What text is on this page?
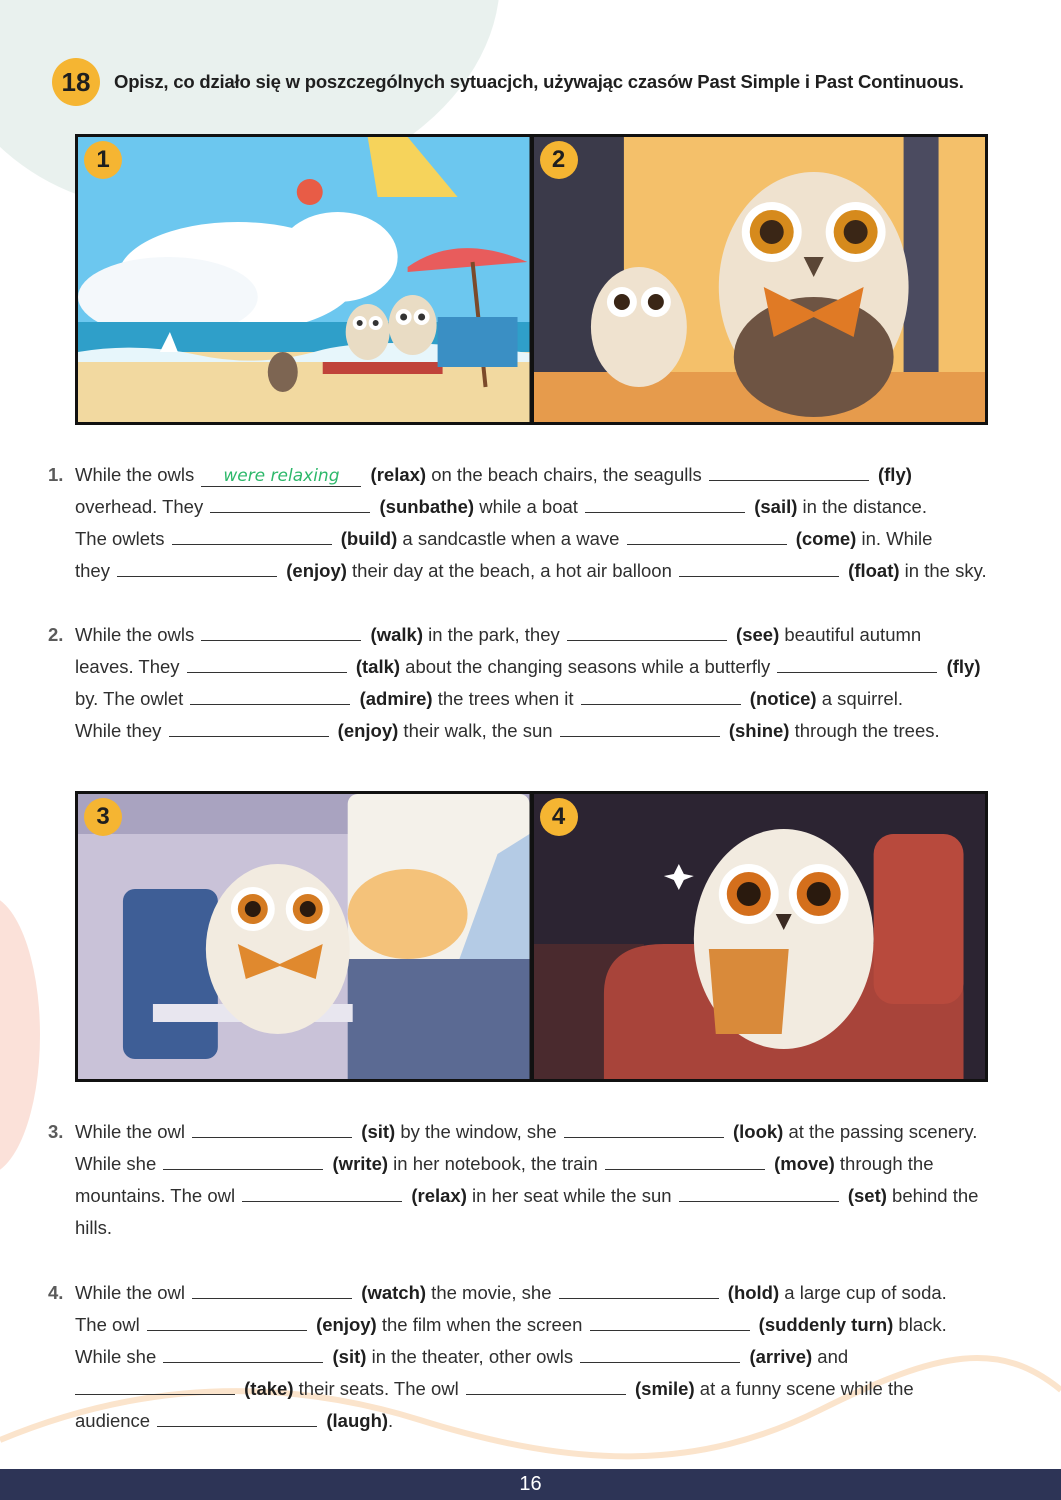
18	Opisz, co działo się w poszczególnych sytuacjch, używając czasów Past Simple i Past Continuous.
1	2
1. While the owls were relaxing (relax) on the beach chairs, the seagulls	(fly)
overhead. They	(sunbathe) while a boat	(sail) in the distance.
The owlets	(build) a sandcastle when a wave	(come) in. While
they	(enjoy) their day at the beach, a hot air balloon	(float) in the sky.
2. While the owls	(walk) in the park, they	(see) beautiful autumn
leaves. They	(talk) about the changing seasons while a butterfly	(fly)
by. The owlet	(admire) the trees when it	(notice) a squirrel.
While they	(enjoy) their walk, the sun	(shine) through the trees.
3	4
3. While the owl	(sit) by the window, she	(look) at the passing scenery.
While she	(write) in her notebook, the train	(move) through the
mountains. The owl	(relax) in her seat while the sun	(set) behind the
hills.
4. While the owl	(watch) the movie, she	(hold) a large cup of soda.
The owl	(enjoy) the film when the screen	(suddenly turn) black.
While she	(sit) in the theater, other owls	(arrive) and
(take) their seats. The owl	(smile) at a funny scene while the
audience	(laugh).
16
